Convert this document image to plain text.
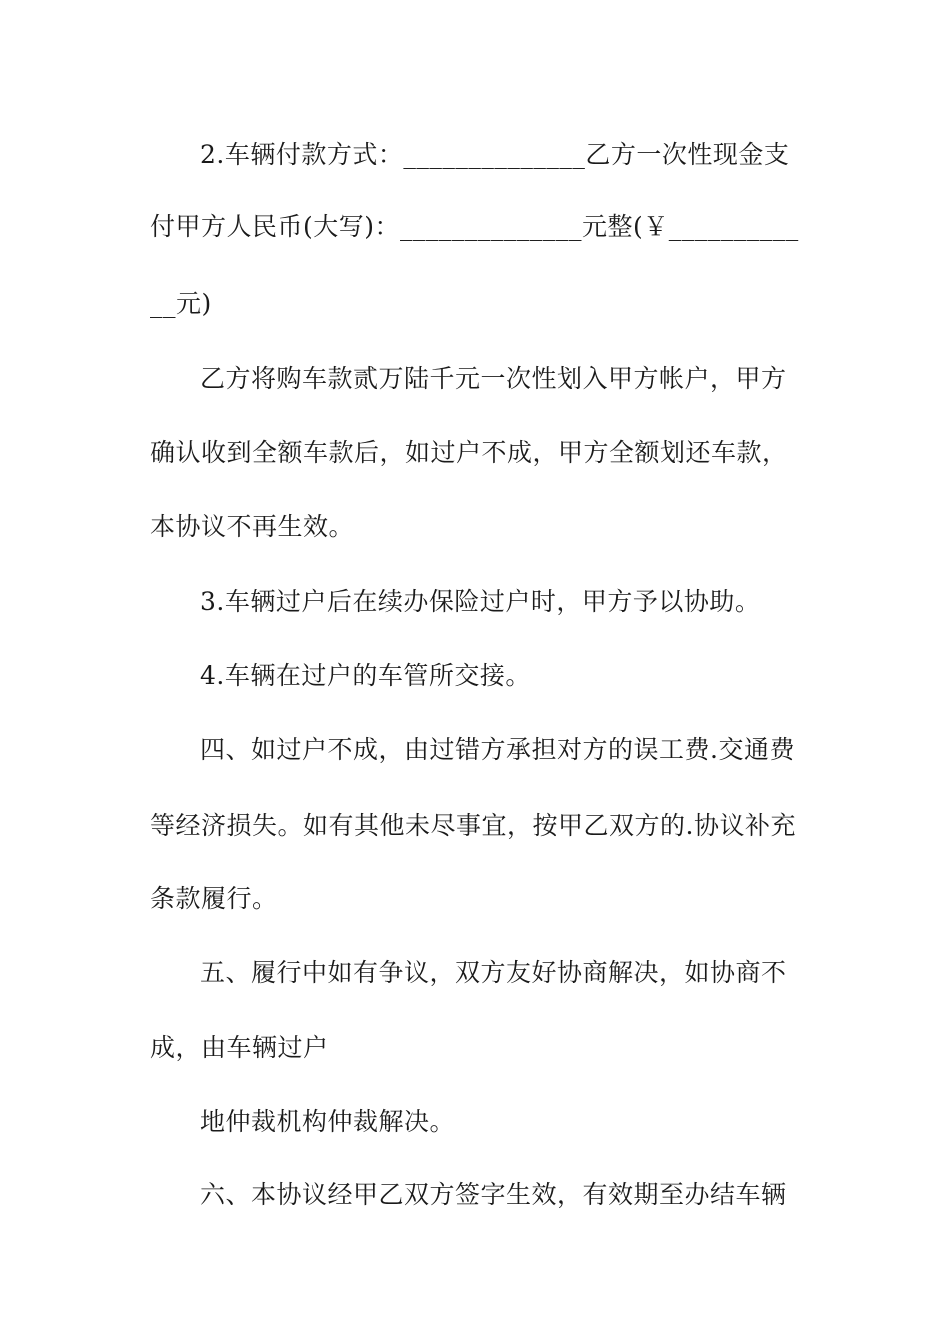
2.车辆付款方式：______________乙方一次性现金支
付甲方人民币(大写)：______________元整(￥__________
__元)
乙方将购车款贰万陆千元一次性划入甲方帐户，甲方
确认收到全额车款后，如过户不成，甲方全额划还车款，
本协议不再生效。
3.车辆过户后在续办保险过户时，甲方予以协助。
4.车辆在过户的车管所交接。
四、如过户不成，由过错方承担对方的误工费.交通费
等经济损失。如有其他未尽事宜，按甲乙双方的.协议补充
条款履行。
五、履行中如有争议，双方友好协商解决，如协商不
成，由车辆过户
地仲裁机构仲裁解决。
六、本协议经甲乙双方签字生效，有效期至办结车辆
